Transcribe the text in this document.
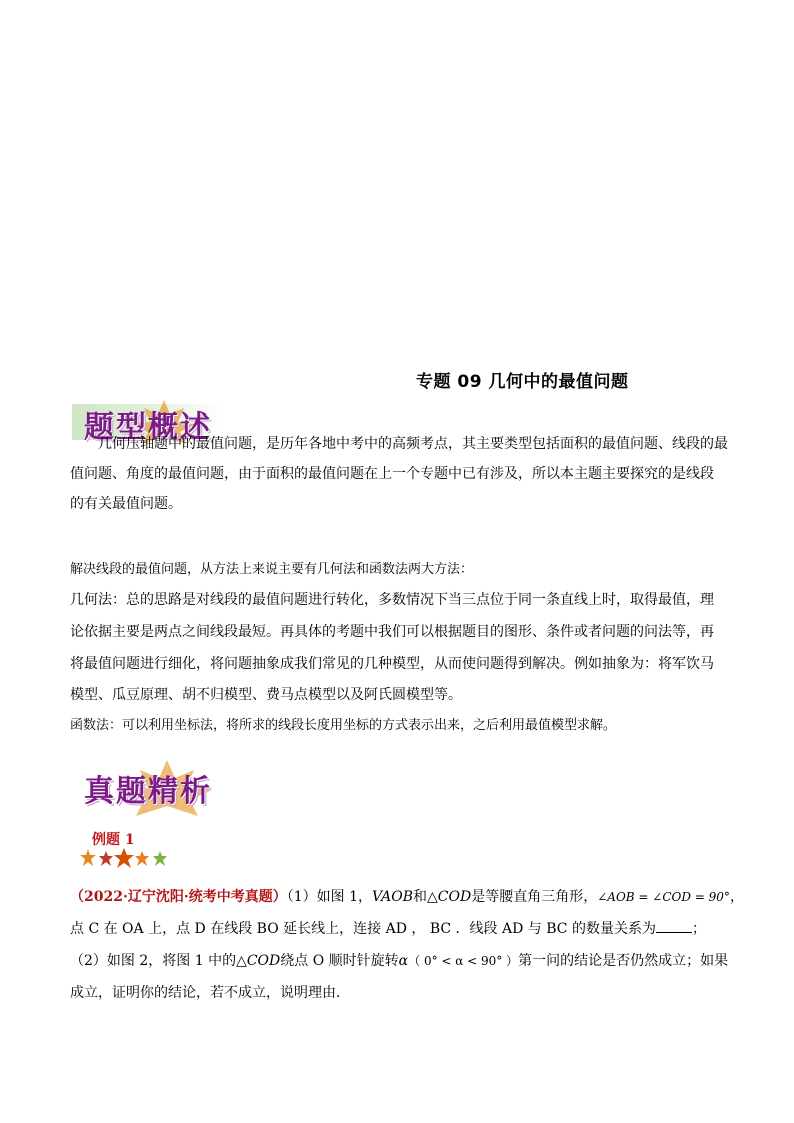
专题 09 几何中的最值问题
题型概述
几何压轴题中的最值问题，是历年各地中考中的高频考点，其主要类型包括面积的最值问题、线段的最
值问题、角度的最值问题，由于面积的最值问题在上一个专题中已有涉及，所以本主题主要探究的是线段
的有关最值问题。
解决线段的最值问题，从方法上来说主要有几何法和函数法两大方法：
几何法：总的思路是对线段的最值问题进行转化，多数情况下当三点位于同一条直线上时，取得最值，理
论依据主要是两点之间线段最短。再具体的考题中我们可以根据题目的图形、条件或者问题的问法等，再
将最值问题进行细化，将问题抽象成我们常见的几种模型，从而使问题得到解决。例如抽象为：将军饮马
模型、瓜豆原理、胡不归模型、费马点模型以及阿氏圆模型等。
函数法：可以利用坐标法，将所求的线段长度用坐标的方式表示出来，之后利用最值模型求解。
真题精析
例题 1
（2022·辽宁沈阳·统考中考真题）（1）如图 1，VAOB和△COD是等腰直角三角形，∠AOB = ∠COD = 90°，
点 C 在 OA 上，点 D 在线段 BO 延长线上，连接 AD ， BC ．线段 AD 与 BC 的数量关系为	；
（2）如图 2，将图 1 中的△COD绕点 O 顺时针旋转α（ 0° < α < 90° ）第一问的结论是否仍然成立；如果
成立，证明你的结论，若不成立，说明理由．
